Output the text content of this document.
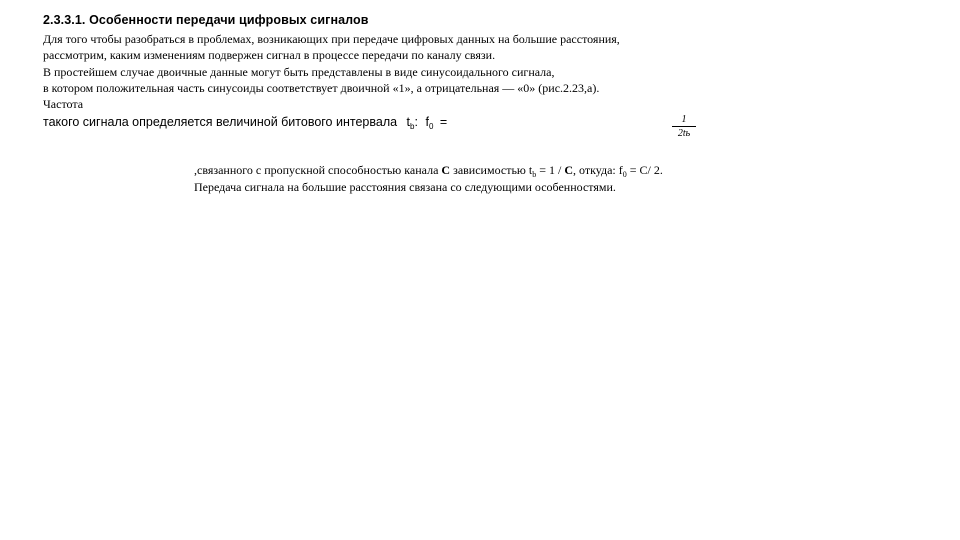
2.3.3.1. Особенности передачи цифровых сигналов
Для того чтобы разобраться в проблемах, возникающих при передаче цифровых данных на большие расстояния,
рассмотрим, каким изменениям подвержен сигнал в процессе передачи по каналу связи.
В простейшем случае двоичные данные могут быть представлены в виде синусоидального сигнала,
в котором положительная часть синусоиды соответствует двоичной «1», а отрицательная — «0» (рис.2.23,а).
Частота
такого сигнала определяется величиной битового интервала $t_b$: $f_0$ =	1
2tь
,связанного с пропускной способностью канала C зависимостью $t_b = 1 / C$, откуда: $f_0 = C/$ 2.
Передача сигнала на большие расстояния связана со следующими особенностями.
